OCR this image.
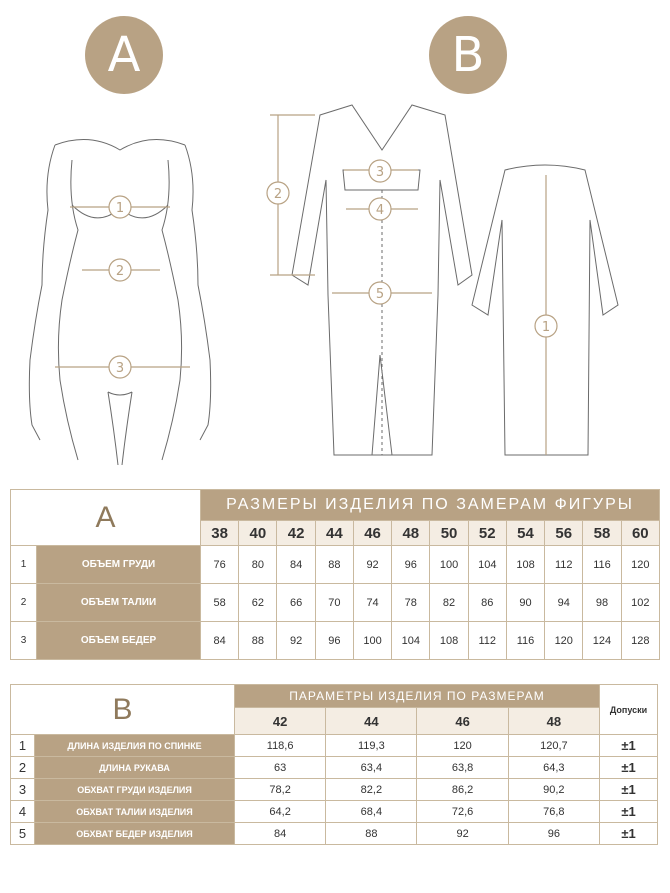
A	B
1
2
3
2
3
4
5
1
A		РАЗМЕРЫ ИЗДЕЛИЯ ПО ЗАМЕРАМ ФИГУРЫ											
		38	40	42	44	46	48	50	52	54	56	58	60
1	ОБЪЕМ ГРУДИ	76	80	84	88	92	96	100	104	108	112	116	120
2	ОБЪЕМ ТАЛИИ	58	62	66	70	74	78	82	86	90	94	98	102
3	ОБЪЕМ БЕДЕР	84	88	92	96	100	104	108	112	116	120	124	128
B		ПАРАМЕТРЫ ИЗДЕЛИЯ ПО РАЗМЕРАМ				Допуски
		42	44	46	48	
1	ДЛИНА ИЗДЕЛИЯ ПО СПИНКЕ	118,6	119,3	120	120,7	±1
2	ДЛИНА РУКАВА	63	63,4	63,8	64,3	±1
3	ОБХВАТ ГРУДИ ИЗДЕЛИЯ	78,2	82,2	86,2	90,2	±1
4	ОБХВАТ ТАЛИИ ИЗДЕЛИЯ	64,2	68,4	72,6	76,8	±1
5	ОБХВАТ БЕДЕР ИЗДЕЛИЯ	84	88	92	96	±1
